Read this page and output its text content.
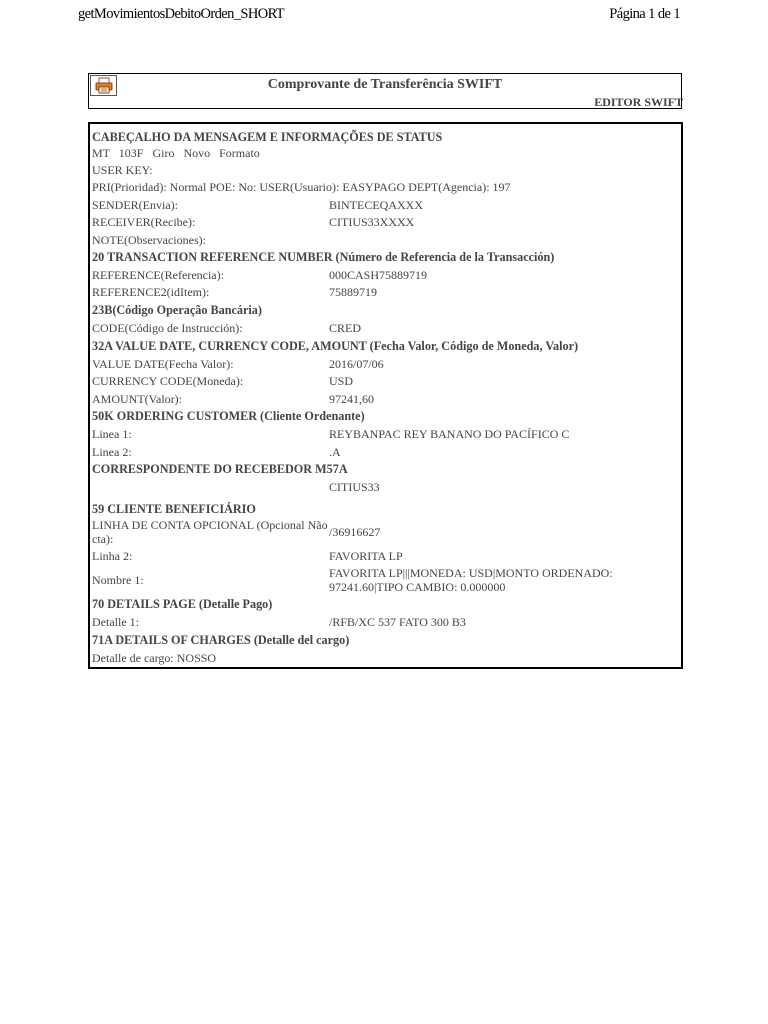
getMovimientosDebitoOrden_SHORT	Página 1 de 1
Comprovante de Transferência SWIFT
EDITOR SWIFT
CABEÇALHO DA MENSAGEM E INFORMAÇÕES DE STATUS
MT   103F   Giro   Novo   Formato
USER KEY:
PRI(Prioridad): Normal POE: No: USER(Usuario): EASYPAGO DEPT(Agencia): 197
SENDER(Envia):	BINTECEQAXXX
RECEIVER(Recibe):	CITIUS33XXXX
NOTE(Observaciones):
20 TRANSACTION REFERENCE NUMBER (Número de Referencia de la Transacción)
REFERENCE(Referencia):	000CASH75889719
REFERENCE2(idItem):	75889719
23B(Código Operação Bancária)
CODE(Código de Instrucción):	CRED
32A VALUE DATE, CURRENCY CODE, AMOUNT (Fecha Valor, Código de Moneda, Valor)
VALUE DATE(Fecha Valor):	2016/07/06
CURRENCY CODE(Moneda):	USD
AMOUNT(Valor):	97241,60
50K ORDERING CUSTOMER (Cliente Ordenante)
Linea 1:	REYBANPAC REY BANANO DO PACÍFICO C
Linea 2:	.A
CORRESPONDENTE DO RECEBEDOR M57A
CITIUS33
59 CLIENTE BENEFICIÁRIO
LINHA DE CONTA OPCIONAL (Opcional Não cta):	/36916627
Linha 2:	FAVORITA LP
Nombre 1:	FAVORITA LP|||MONEDA: USD|MONTO ORDENADO: 97241.60|TIPO CAMBIO: 0.000000
70 DETAILS PAGE (Detalle Pago)
Detalle 1:	/RFB/XC 537 FATO 300 B3
71A DETAILS OF CHARGES (Detalle del cargo)
Detalle de cargo: NOSSO
